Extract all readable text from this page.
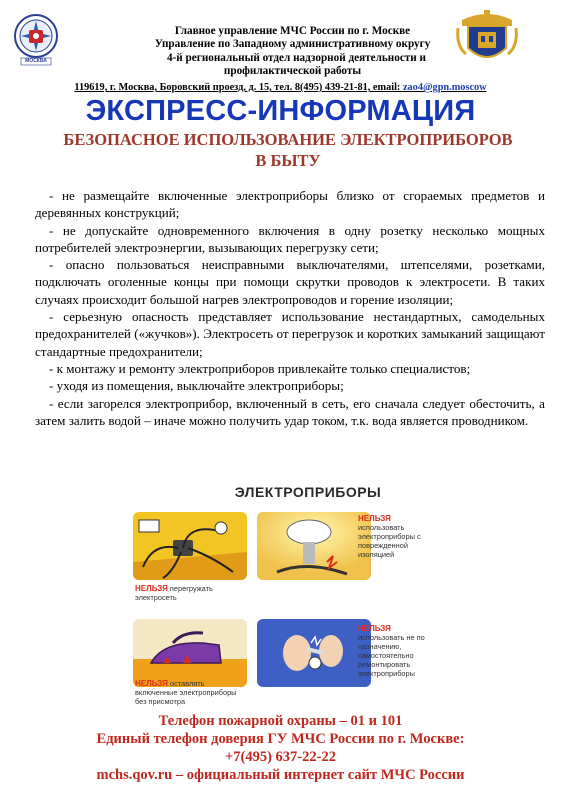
МОСКВА
Главное управление МЧС России по г. Москве
Управление по Западному административному округу
4-й региональный отдел надзорной деятельности и
профилактической работы
119619, г. Москва, Боровский проезд, д. 15, тел. 8(495) 439-21-81, email: zao4@gpn.moscow
ЭКСПРЕСС-ИНФОРМАЦИЯ
БЕЗОПАСНОЕ ИСПОЛЬЗОВАНИЕ ЭЛЕКТРОПРИБОРОВ В БЫТУ

- не размещайте включенные электроприборы близко от сгораемых предметов и деревянных конструкций;

- не допускайте одновременного включения в одну розетку несколько мощных потребителей электроэнергии, вызывающих перегрузку сети;

- опасно пользоваться неисправными выключателями, штепселями, розетками, подключать оголенные концы при помощи скрутки проводов к электросети. В таких случаях происходит большой нагрев электропроводов и горение изоляции;

- серьезную опасность представляет использование нестандартных, самодельных предохранителей («жучков»). Электросеть от перегрузок и коротких замыканий защищают стандартные предохранители;

- к монтажу и ремонту электроприборов привлекайте только специалистов;

- уходя из помещения, выключайте электроприборы;

- если загорелся электроприбор, включенный в сеть, его сначала следует обесточить, а затем залить водой – иначе можно получить удар током, т.к. вода является проводником.

ЭЛЕКТРОПРИБОРЫ
НЕЛЬЗЯ перегружать электросеть
НЕЛЬЗЯ
использовать электроприборы с поврежденной изоляцией
НЕЛЬЗЯ оставлять включенные электроприборы без присмотра
НЕЛЬЗЯ
использовать не по назначению, самостоятельно ремонтировать электроприборы
Телефон пожарной охраны – 01 и 101
Единый телефон доверия ГУ МЧС России по г. Москве:
+7(495) 637-22-22
mchs.qov.ru – официальный интернет сайт МЧС России
